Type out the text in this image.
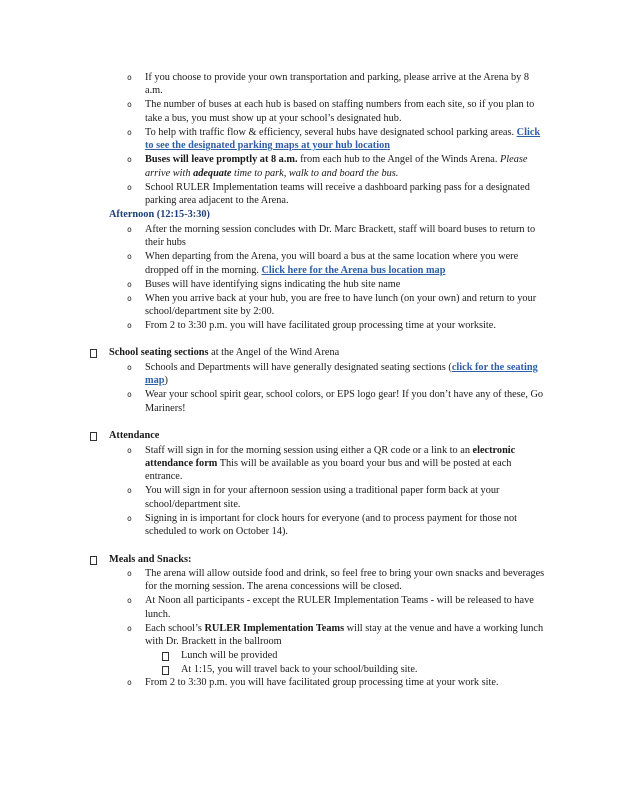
o If you choose to provide your own transportation and parking, please arrive at the Arena by 8 a.m.
o The number of buses at each hub is based on staffing numbers from each site, so if you plan to take a bus, you must show up at your school’s designated hub.
o To help with traffic flow & efficiency, several hubs have designated school parking areas. Click to see the designated parking maps at your hub location
o Buses will leave promptly at 8 a.m. from each hub to the Angel of the Winds Arena. Please arrive with adequate time to park, walk to and board the bus.
o School RULER Implementation teams will receive a dashboard parking pass for a designated parking area adjacent to the Arena.
Afternoon (12:15-3:30)
o After the morning session concludes with Dr. Marc Brackett, staff will board buses to return to their hubs
o When departing from the Arena, you will board a bus at the same location where you were dropped off in the morning. Click here for the Arena bus location map
o Buses will have identifying signs indicating the hub site name
o When you arrive back at your hub, you are free to have lunch (on your own) and return to your school/department site by 2:00.
o From 2 to 3:30 p.m. you will have facilitated group processing time at your worksite.
School seating sections at the Angel of the Wind Arena
o Schools and Departments will have generally designated seating sections (click for the seating map)
o Wear your school spirit gear, school colors, or EPS logo gear! If you don’t have any of these, Go Mariners!
Attendance
o Staff will sign in for the morning session using either a QR code or a link to an electronic attendance form This will be available as you board your bus and will be posted at each entrance.
o You will sign in for your afternoon session using a traditional paper form back at your school/department site.
o Signing in is important for clock hours for everyone (and to process payment for those not scheduled to work on October 14).
Meals and Snacks:
o The arena will allow outside food and drink, so feel free to bring your own snacks and beverages for the morning session. The arena concessions will be closed.
o At Noon all participants - except the RULER Implementation Teams - will be released to have lunch.
o Each school’s RULER Implementation Teams will stay at the venue and have a working lunch with Dr. Brackett in the ballroom
Lunch will be provided
At 1:15, you will travel back to your school/building site.
o From 2 to 3:30 p.m. you will have facilitated group processing time at your work site.
